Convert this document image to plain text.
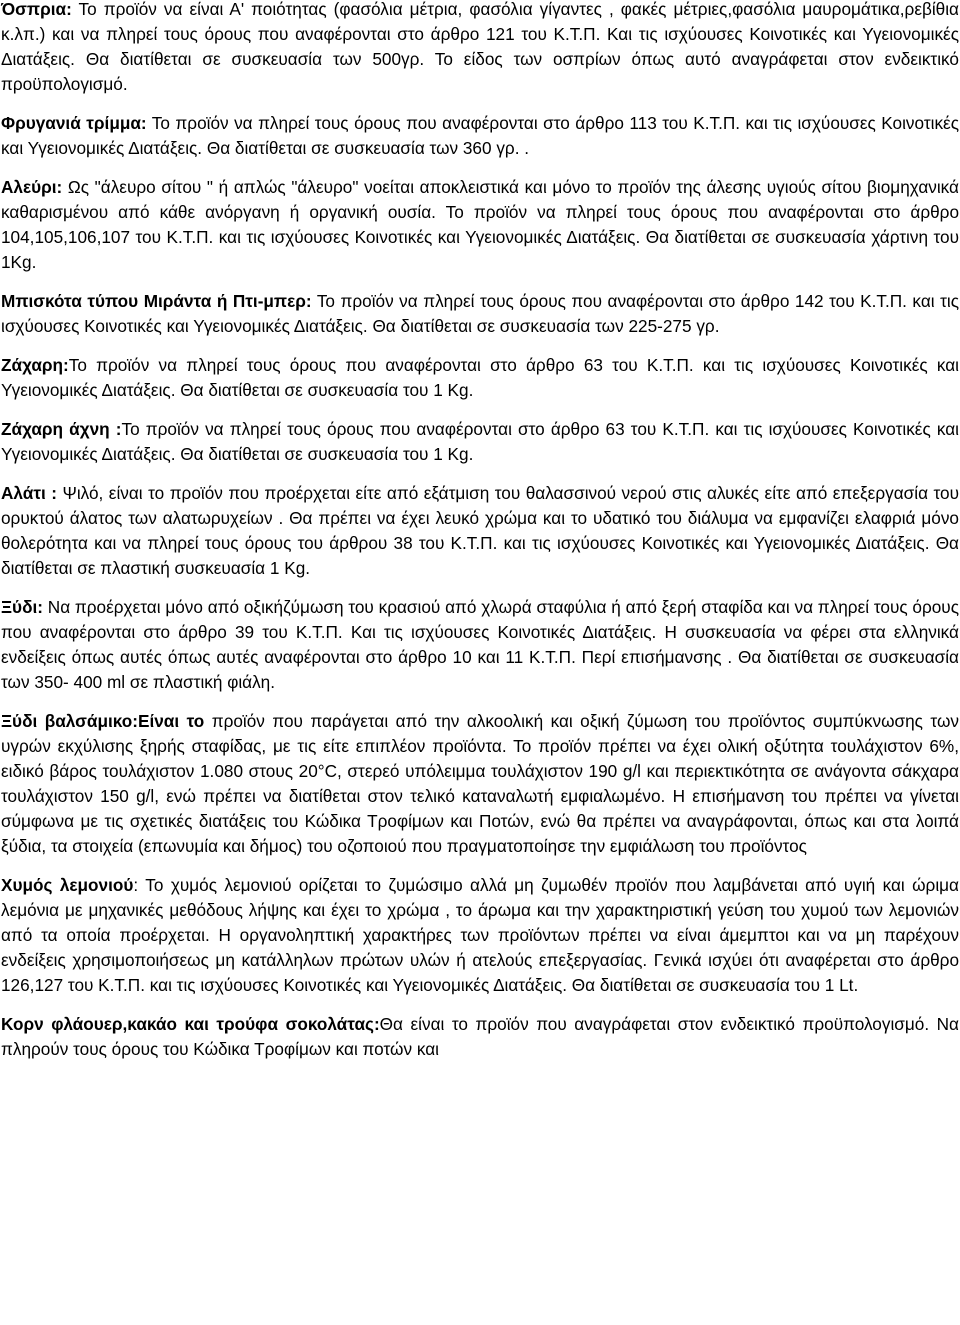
Όσπρια: Το προϊόν να είναι Α' ποιότητας (φασόλια μέτρια, φασόλια γίγαντες , φακές μέτριες,φασόλια μαυρομάτικα,ρεβίθια κ.λπ.) και να πληρεί τους όρους που αναφέρονται στο άρθρο 121 του Κ.Τ.Π. Και τις ισχύουσες Κοινοτικές και Υγειονομικές Διατάξεις. Θα διατίθεται σε συσκευασία των 500γρ. Το είδος των οσπρίων όπως αυτό αναγράφεται στον ενδεικτικό προϋπολογισμό.

Φρυγανιά τρίμμα: Το προϊόν να πληρεί τους όρους που αναφέρονται στο άρθρο 113 του Κ.Τ.Π. και τις ισχύουσες Κοινοτικές και Υγειονομικές Διατάξεις. Θα διατίθεται σε συσκευασία των 360 γρ. .

Αλεύρι: Ως "άλευρο σίτου " ή απλώς "άλευρο" νοείται αποκλειστικά και μόνο το προϊόν της άλεσης υγιούς σίτου βιομηχανικά καθαρισμένου από κάθε ανόργανη ή οργανική ουσία. Το προϊόν να πληρεί τους όρους που αναφέρονται στο άρθρο 104,105,106,107 του Κ.Τ.Π. και τις ισχύουσες Κοινοτικές και Υγειονομικές Διατάξεις. Θα διατίθεται σε συσκευασία χάρτινη του 1Kg.

Μπισκότα τύπου Μιράντα ή Πτι-μπερ: Το προϊόν να πληρεί τους όρους που αναφέρονται στο άρθρο 142 του Κ.Τ.Π. και τις ισχύουσες Κοινοτικές και Υγειονομικές Διατάξεις. Θα διατίθεται σε συσκευασία των 225-275 γρ.

Ζάχαρη:Το προϊόν να πληρεί τους όρους που αναφέρονται στο άρθρο 63 του Κ.Τ.Π. και τις ισχύουσες Κοινοτικές και Υγειονομικές Διατάξεις. Θα διατίθεται σε συσκευασία του 1 Kg.

Ζάχαρη άχνη :Το προϊόν να πληρεί τους όρους που αναφέρονται στο άρθρο 63 του Κ.Τ.Π. και τις ισχύουσες Κοινοτικές και Υγειονομικές Διατάξεις. Θα διατίθεται σε συσκευασία του 1 Kg.

Αλάτι : Ψιλό, είναι το προϊόν που προέρχεται είτε από εξάτμιση του θαλασσινού νερού στις αλυκές είτε από επεξεργασία του ορυκτού άλατος των αλατωρυχείων . Θα πρέπει να έχει λευκό χρώμα και το υδατικό του διάλυμα να εμφανίζει ελαφριά μόνο θολερότητα και να πληρεί τους όρους του άρθρου 38 του Κ.Τ.Π. και τις ισχύουσες Κοινοτικές και Υγειονομικές Διατάξεις. Θα διατίθεται σε πλαστική συσκευασία 1 Kg.

Ξύδι: Να προέρχεται μόνο από οξικήζύμωση του κρασιού από χλωρά σταφύλια ή από ξερή σταφίδα και να πληρεί τους όρους που αναφέρονται στο άρθρο 39 του Κ.Τ.Π. Και τις ισχύουσες Κοινοτικές Διατάξεις. Η συσκευασία να φέρει στα ελληνικά ενδείξεις όπως αυτές όπως αυτές αναφέρονται στο άρθρο 10 και 11 Κ.Τ.Π. Περί επισήμανσης . Θα διατίθεται σε συσκευασία των 350- 400 ml σε πλαστική φιάλη.

Ξύδι βαλσάμικο:Είναι το προϊόν που παράγεται από την αλκοολική και οξική ζύμωση του προϊόντος συμπύκνωσης των υγρών εκχύλισης ξηρής σταφίδας, με τις είτε επιπλέον προϊόντα. Το προϊόν πρέπει να έχει ολική οξύτητα τουλάχιστον 6%, ειδικό βάρος τουλάχιστον 1.080 στους 20°C, στερεό υπόλειμμα τουλάχιστον 190 g/l και περιεκτικότητα σε ανάγοντα σάκχαρα τουλάχιστον 150 g/l, ενώ πρέπει να διατίθεται στον τελικό καταναλωτή εμφιαλωμένο. Η επισήμανση του πρέπει να γίνεται σύμφωνα με τις σχετικές διατάξεις του Κώδικα Τροφίμων και Ποτών, ενώ θα πρέπει να αναγράφονται, όπως και στα λοιπά ξύδια, τα στοιχεία (επωνυμία και δήμος) του οζοποιού που πραγματοποίησε την εμφιάλωση του προϊόντος

Χυμός λεμονιού: Το χυμός λεμονιού ορίζεται το ζυμώσιμο αλλά μη ζυμωθέν προϊόν που λαμβάνεται από υγιή και ώριμα λεμόνια με μηχανικές μεθόδους λήψης και έχει το χρώμα , το άρωμα και την χαρακτηριστική γεύση του χυμού των λεμονιών από τα οποία προέρχεται. Η οργανοληπτική χαρακτήρες των προϊόντων πρέπει να είναι άμεμπτοι και να μη παρέχουν ενδείξεις χρησιμοποιήσεως μη κατάλληλων πρώτων υλών ή ατελούς επεξεργασίας. Γενικά ισχύει ότι αναφέρεται στο άρθρο 126,127 του Κ.Τ.Π. και τις ισχύουσες Κοινοτικές και Υγειονομικές Διατάξεις. Θα διατίθεται σε συσκευασία του 1 Lt.

Κορν φλάουερ,κακάο και τρούφα σοκολάτας:Θα είναι το προϊόν που αναγράφεται στον ενδεικτικό προϋπολογισμό. Να πληρούν τους όρους του Κώδικα Τροφίμων και ποτών και
